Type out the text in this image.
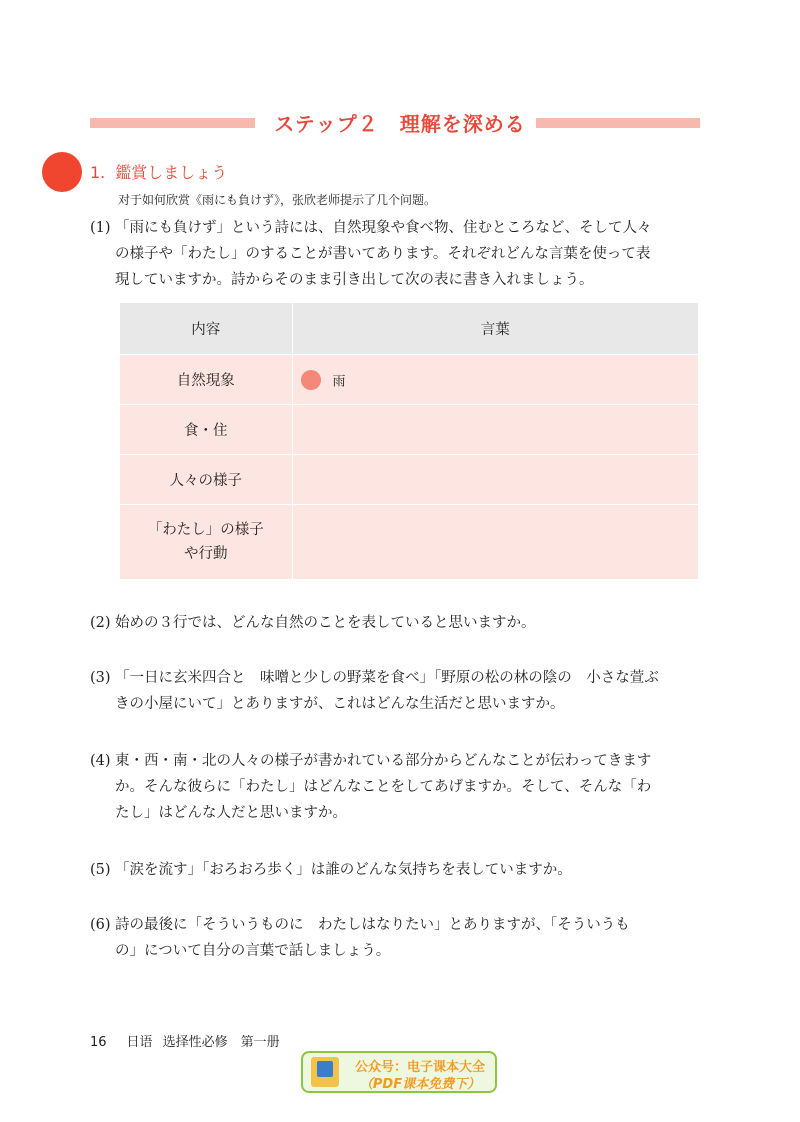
ステップ２　理解を深める
1. 鑑賞しましょう
对于如何欣赏《雨にも負けず》，张欣老师提示了几个问题。
(1) 「雨にも負けず」という詩には、自然現象や食べ物、住むところなど、そして人々
の様子や「わたし」のすることが書いてあります。それぞれどんな言葉を使って表
現していますか。詩からそのまま引き出して次の表に書き入れましょう。
内容	言葉
自然現象	雨
食・住	
人々の様子	

「わたし」の様子
や行動	

(2) 始めの３行では、どんな自然のことを表していると思いますか。
(3) 「一日に玄米四合と　味噌と少しの野菜を食べ」「野原の松の林の陰の　小さな萱ぶ
きの小屋にいて」とありますが、これはどんな生活だと思いますか。
(4) 東・西・南・北の人々の様子が書かれている部分からどんなことが伝わってきます
か。そんな彼らに「わたし」はどんなことをしてあげますか。そして、そんな「わ
たし」はどんな人だと思いますか。
(5) 「涙を流す」「おろおろ歩く」は誰のどんな気持ちを表していますか。
(6) 詩の最後に「そういうものに　わたしはなりたい」とありますが、「そういうも
の」について自分の言葉で話しましょう。
16 日语 选择性必修　第一册
公众号：电子课本大全
（PDF课本免费下）
